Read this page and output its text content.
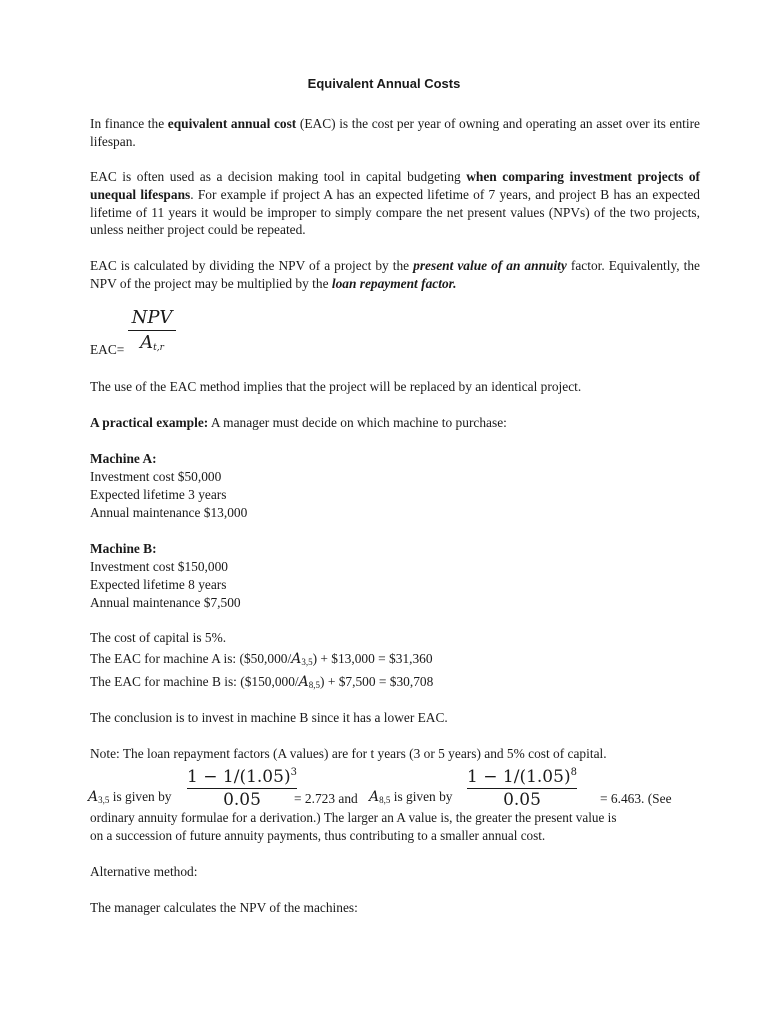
Equivalent Annual Costs
In finance the equivalent annual cost (EAC) is the cost per year of owning and operating an asset over its entire lifespan.
EAC is often used as a decision making tool in capital budgeting when comparing investment projects of unequal lifespans. For example if project A has an expected lifetime of 7 years, and project B has an expected lifetime of 11 years it would be improper to simply compare the net present values (NPVs) of the two projects, unless neither project could be repeated.
EAC is calculated by dividing the NPV of a project by the present value of an annuity factor. Equivalently, the NPV of the project may be multiplied by the loan repayment factor.
EAC=
NPV
$A_{t,r}$
The use of the EAC method implies that the project will be replaced by an identical project.
A practical example: A manager must decide on which machine to purchase:
Machine A:
Investment cost $50,000
Expected lifetime 3 years
Annual maintenance $13,000
Machine B:
Investment cost $150,000
Expected lifetime 8 years
Annual maintenance $7,500
The cost of capital is 5%.
The EAC for machine A is: $(\$50,000/A_{3,5})$ + $13,000 = $31,360
The EAC for machine B is: $(\$150,000/A_{8,5})$ + $7,500 = $30,708
The conclusion is to invest in machine B since it has a lower EAC.
Note: The loan repayment factors (A values) are for t years (3 or 5 years) and 5% cost of capital.
$A_{3,5}$ is given by
$1 - 1/(1.05)^3$
0.05	= 2.723 and $A_{8,5}$ is given by
$1 - 1/(1.05)^8$
0.05	= 6.463. (See
ordinary annuity formulae for a derivation.) The larger an A value is, the greater the present value is
on a succession of future annuity payments, thus contributing to a smaller annual cost.
Alternative method:
The manager calculates the NPV of the machines:
